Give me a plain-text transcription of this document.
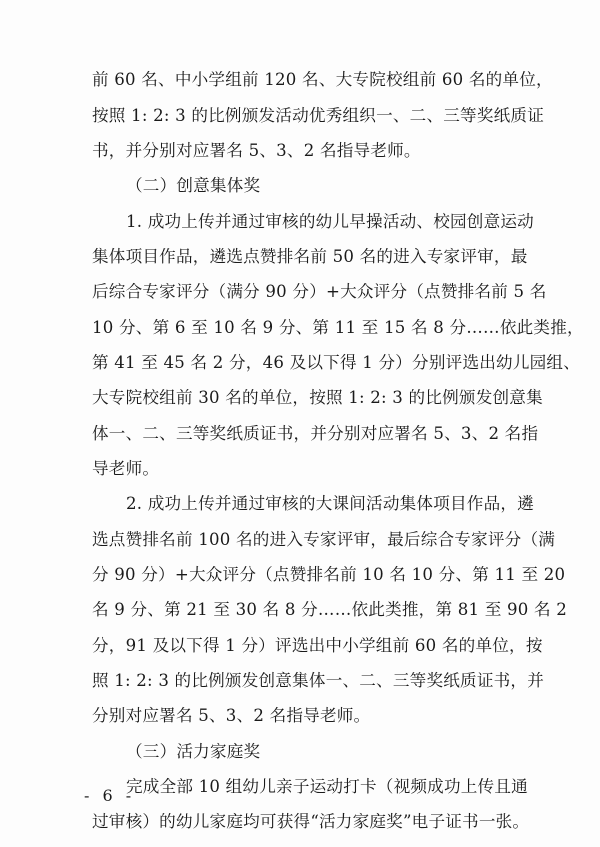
前 60 名、中小学组前 120 名、大专院校组前 60 名的单位，
按照 1: 2: 3 的比例颁发活动优秀组织一、二、三等奖纸质证
书，并分别对应署名 5、3、2 名指导老师。
（二）创意集体奖
1. 成功上传并通过审核的幼儿早操活动、校园创意运动
集体项目作品，遴选点赞排名前 50 名的进入专家评审，最
后综合专家评分（满分 90 分）+大众评分（点赞排名前 5 名
10 分、第 6 至 10 名 9 分、第 11 至 15 名 8 分……依此类推，
第 41 至 45 名 2 分，46 及以下得 1 分）分别评选出幼儿园组、
大专院校组前 30 名的单位，按照 1: 2: 3 的比例颁发创意集
体一、二、三等奖纸质证书，并分别对应署名 5、3、2 名指
导老师。
2. 成功上传并通过审核的大课间活动集体项目作品，遴
选点赞排名前 100 名的进入专家评审，最后综合专家评分（满
分 90 分）+大众评分（点赞排名前 10 名 10 分、第 11 至 20
名 9 分、第 21 至 30 名 8 分……依此类推，第 81 至 90 名 2
分，91 及以下得 1 分）评选出中小学组前 60 名的单位，按
照 1: 2: 3 的比例颁发创意集体一、二、三等奖纸质证书，并
分别对应署名 5、3、2 名指导老师。
（三）活力家庭奖
完成全部 10 组幼儿亲子运动打卡（视频成功上传且通
过审核）的幼儿家庭均可获得“活力家庭奖”电子证书一张。
- 6 -
